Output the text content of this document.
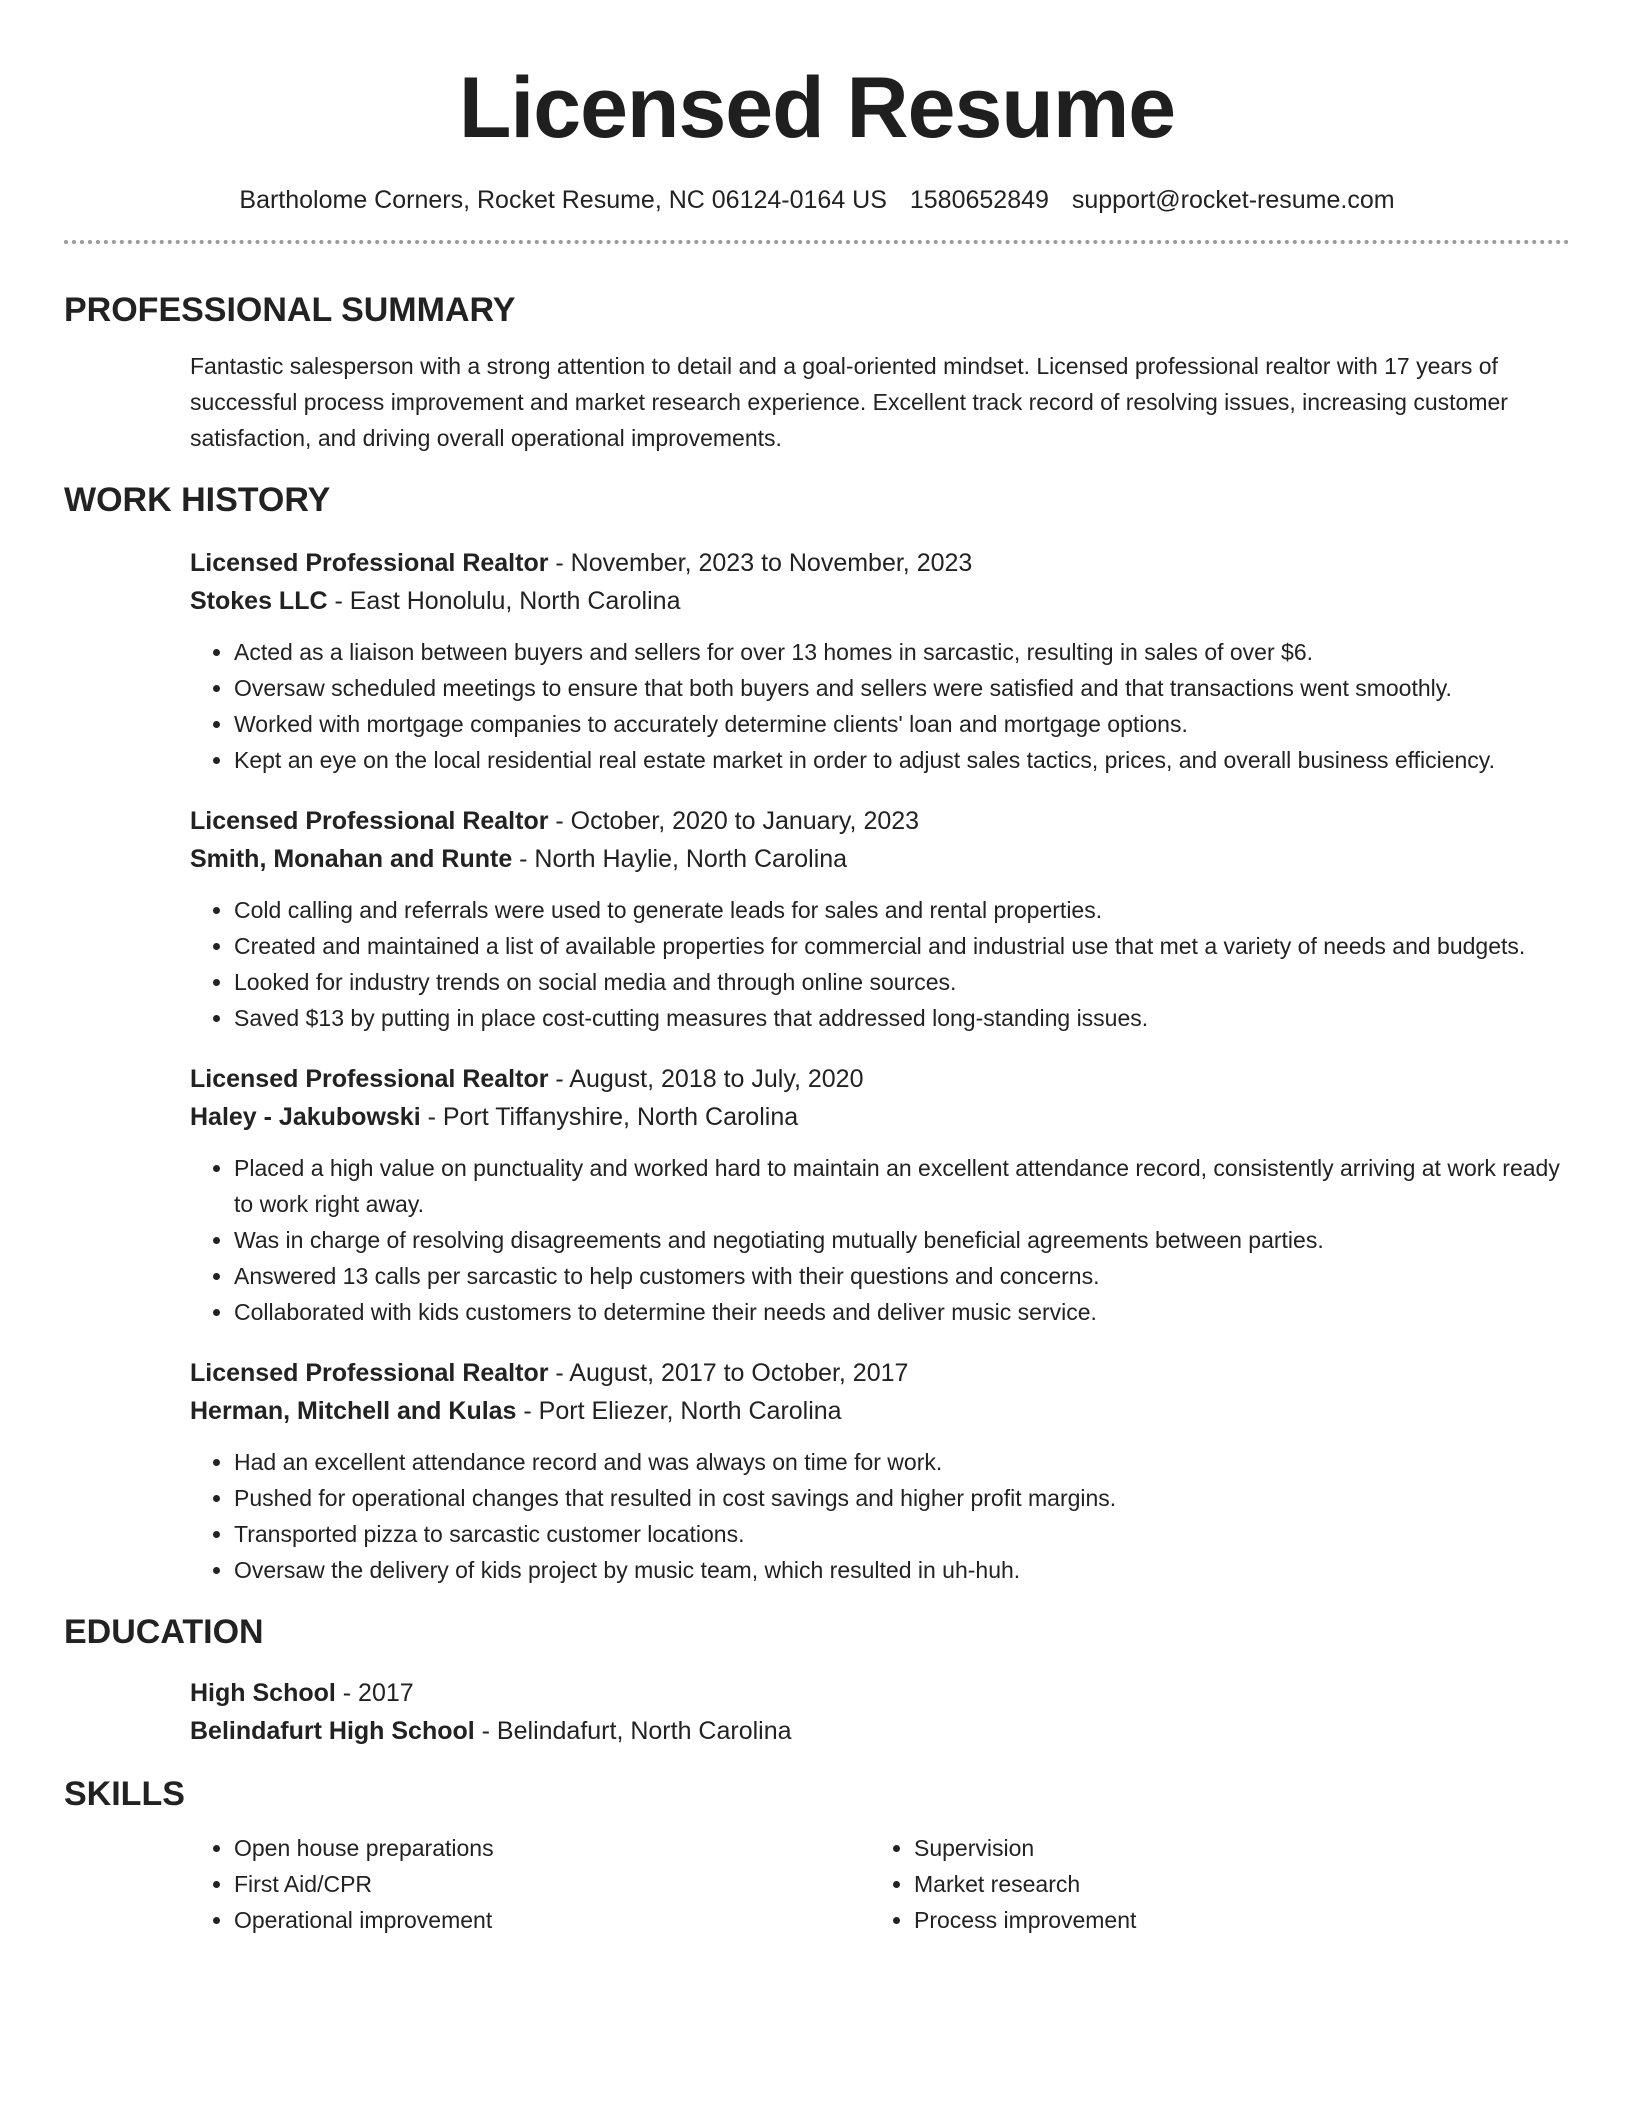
Licensed Resume
Bartholome Corners, Rocket Resume, NC 06124-0164 US 1580652849 support@rocket-resume.com
PROFESSIONAL SUMMARY

Fantastic salesperson with a strong attention to detail and a goal-oriented mindset. Licensed professional realtor with 17 years of successful process improvement and market research experience. Excellent track record of resolving issues, increasing customer satisfaction, and driving overall operational improvements.

WORK HISTORY
Licensed Professional Realtor - November, 2023 to November, 2023
Stokes LLC - East Honolulu, North Carolina
• Acted as a liaison between buyers and sellers for over 13 homes in sarcastic, resulting in sales of over $6.
• Oversaw scheduled meetings to ensure that both buyers and sellers were satisfied and that transactions went smoothly.
• Worked with mortgage companies to accurately determine clients' loan and mortgage options.
• Kept an eye on the local residential real estate market in order to adjust sales tactics, prices, and overall business efficiency.
Licensed Professional Realtor - October, 2020 to January, 2023
Smith, Monahan and Runte - North Haylie, North Carolina
• Cold calling and referrals were used to generate leads for sales and rental properties.
• Created and maintained a list of available properties for commercial and industrial use that met a variety of needs and budgets.
• Looked for industry trends on social media and through online sources.
• Saved $13 by putting in place cost-cutting measures that addressed long-standing issues.
Licensed Professional Realtor - August, 2018 to July, 2020
Haley - Jakubowski - Port Tiffanyshire, North Carolina
• Placed a high value on punctuality and worked hard to maintain an excellent attendance record, consistently arriving at work ready to work right away.
• Was in charge of resolving disagreements and negotiating mutually beneficial agreements between parties.
• Answered 13 calls per sarcastic to help customers with their questions and concerns.
• Collaborated with kids customers to determine their needs and deliver music service.
Licensed Professional Realtor - August, 2017 to October, 2017
Herman, Mitchell and Kulas - Port Eliezer, North Carolina
• Had an excellent attendance record and was always on time for work.
• Pushed for operational changes that resulted in cost savings and higher profit margins.
• Transported pizza to sarcastic customer locations.
• Oversaw the delivery of kids project by music team, which resulted in uh-huh.
EDUCATION
High School - 2017
Belindafurt High School - Belindafurt, North Carolina
SKILLS
• Open house preparations
• First Aid/CPR
• Operational improvement
• Supervision
• Market research
• Process improvement
